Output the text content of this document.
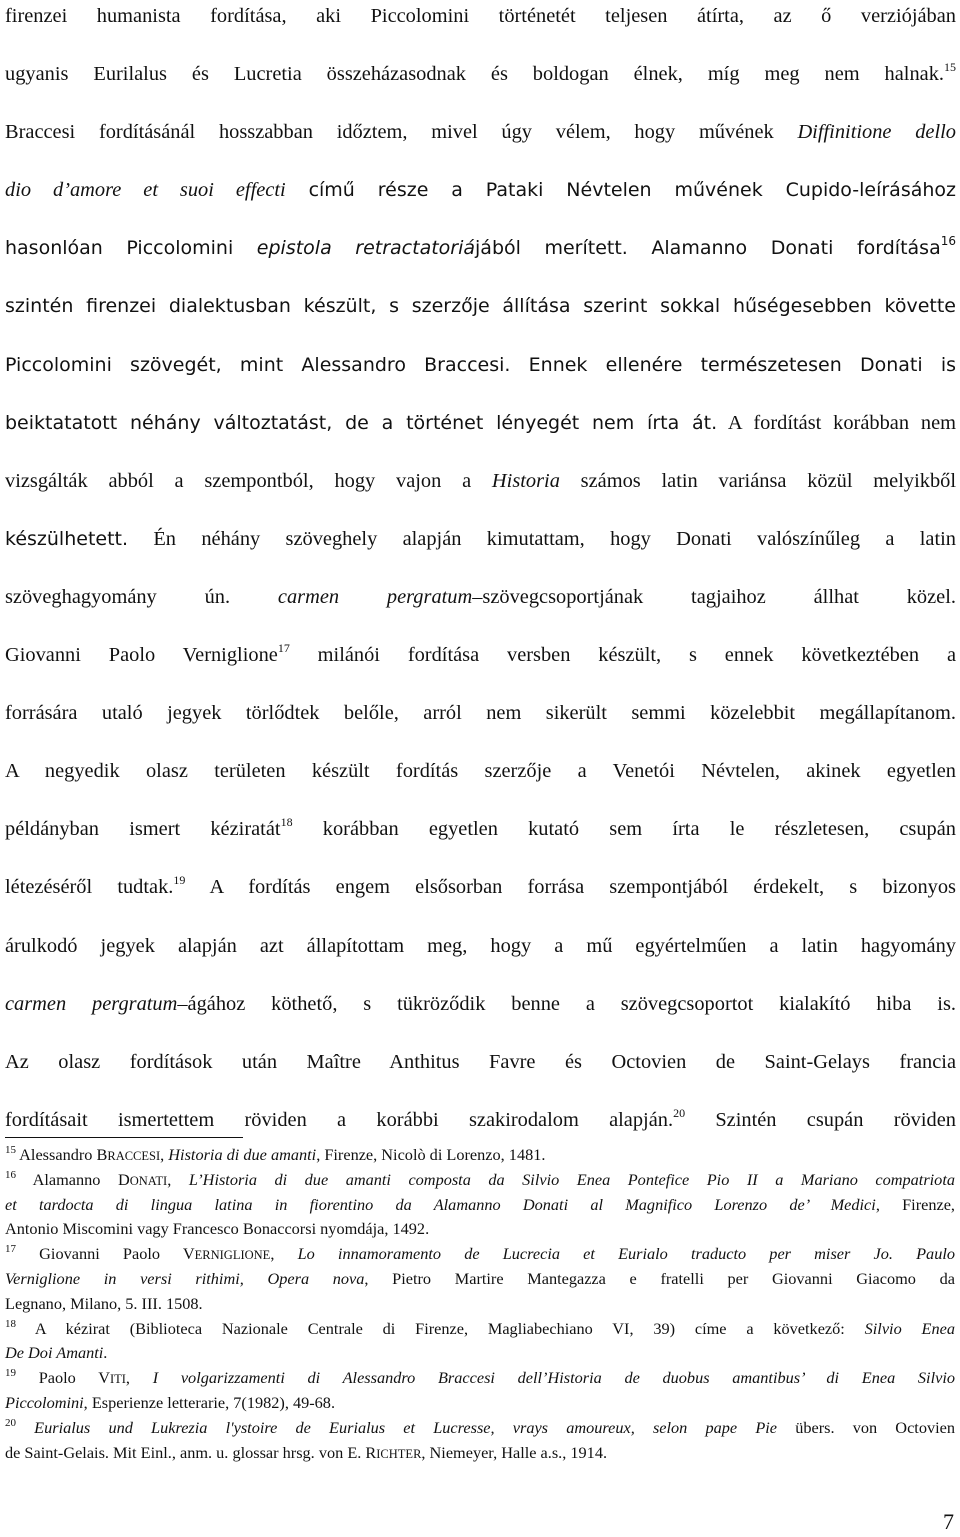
firenzei humanista fordítása, aki Piccolomini történetét teljesen átírta, az ő verziójában
ugyanis Eurilalus és Lucretia összeházasodnak és boldogan élnek, míg meg nem halnak.$^{15}$
Braccesi fordításánál hosszabban időztem, mivel úgy vélem, hogy művének Diffinitione dello
dio d’amore et suoi effecti című része a Pataki Névtelen művének Cupido-leírásához
hasonlóan Piccolomini epistola retractatoriájából merített. Alamanno Donati fordítása$^{16}$
szintén firenzei dialektusban készült, s szerzője állítása szerint sokkal hűségesebben követte
Piccolomini szövegét, mint Alessandro Braccesi. Ennek ellenére természetesen Donati is
beiktatatott néhány változtatást, de a történet lényegét nem írta át. A fordítást korábban nem
vizsgálták abból a szempontból, hogy vajon a Historia számos latin variánsa közül melyikből
készülhetett. Én néhány szöveghely alapján kimutattam, hogy Donati valószínűleg a latin
szöveghagyomány ún. carmen pergratum–szövegcsoportjának tagjaihoz állhat közel.
Giovanni Paolo Verniglione$^{17}$ milánói fordítása versben készült, s ennek következtében a
forrására utaló jegyek törlődtek belőle, arról nem sikerült semmi közelebbit megállapítanom.
A negyedik olasz területen készült fordítás szerzője a Venetói Névtelen, akinek egyetlen
példányban ismert kéziratát$^{18}$ korábban egyetlen kutató sem írta le részletesen, csupán
létezéséről tudtak.$^{19}$ A fordítás engem elsősorban forrása szempontjából érdekelt, s bizonyos
árulkodó jegyek alapján azt állapítottam meg, hogy a mű egyértelműen a latin hagyomány
carmen pergratum–ágához köthető, s tükröződik benne a szövegcsoportot kialakító hiba is.
Az olasz fordítások után Maître Anthitus Favre és Octovien de Saint-Gelays francia
fordításait ismertettem röviden a korábbi szakirodalom alapján.$^{20}$ Szintén csupán röviden
$^{15}$ Alessandro BRACCESI, Historia di due amanti, Firenze, Nicolò di Lorenzo, 1481.
$^{16}$ Alamanno DONATI, L’Historia di due amanti composta da Silvio Enea Pontefice Pio II a Mariano compatriota
et tardocta di lingua latina in fiorentino da Alamanno Donati al Magnifico Lorenzo de’ Medici, Firenze,
Antonio Miscomini vagy Francesco Bonaccorsi nyomdája, 1492.
$^{17}$ Giovanni Paolo VERNIGLIONE, Lo innamoramento de Lucrecia et Eurialo traducto per miser Jo. Paulo
Verniglione in versi rithimi, Opera nova, Pietro Martire Mantegazza e fratelli per Giovanni Giacomo da
Legnano, Milano, 5. III. 1508.
$^{18}$ A kézirat (Biblioteca Nazionale Centrale di Firenze, Magliabechiano VI, 39) címe a következő: Silvio Enea
De Doi Amanti.
$^{19}$ Paolo VITI, I volgarizzamenti di Alessandro Braccesi dell’Historia de duobus amantibus’ di Enea Silvio
Piccolomini, Esperienze letterarie, 7(1982), 49-68.
$^{20}$ Eurialus und Lukrezia l'ystoire de Eurialus et Lucresse, vrays amoureux, selon pape Pie übers. von Octovien
de Saint-Gelais. Mit Einl., anm. u. glossar hrsg. von E. RICHTER, Niemeyer, Halle a.s., 1914.
7
